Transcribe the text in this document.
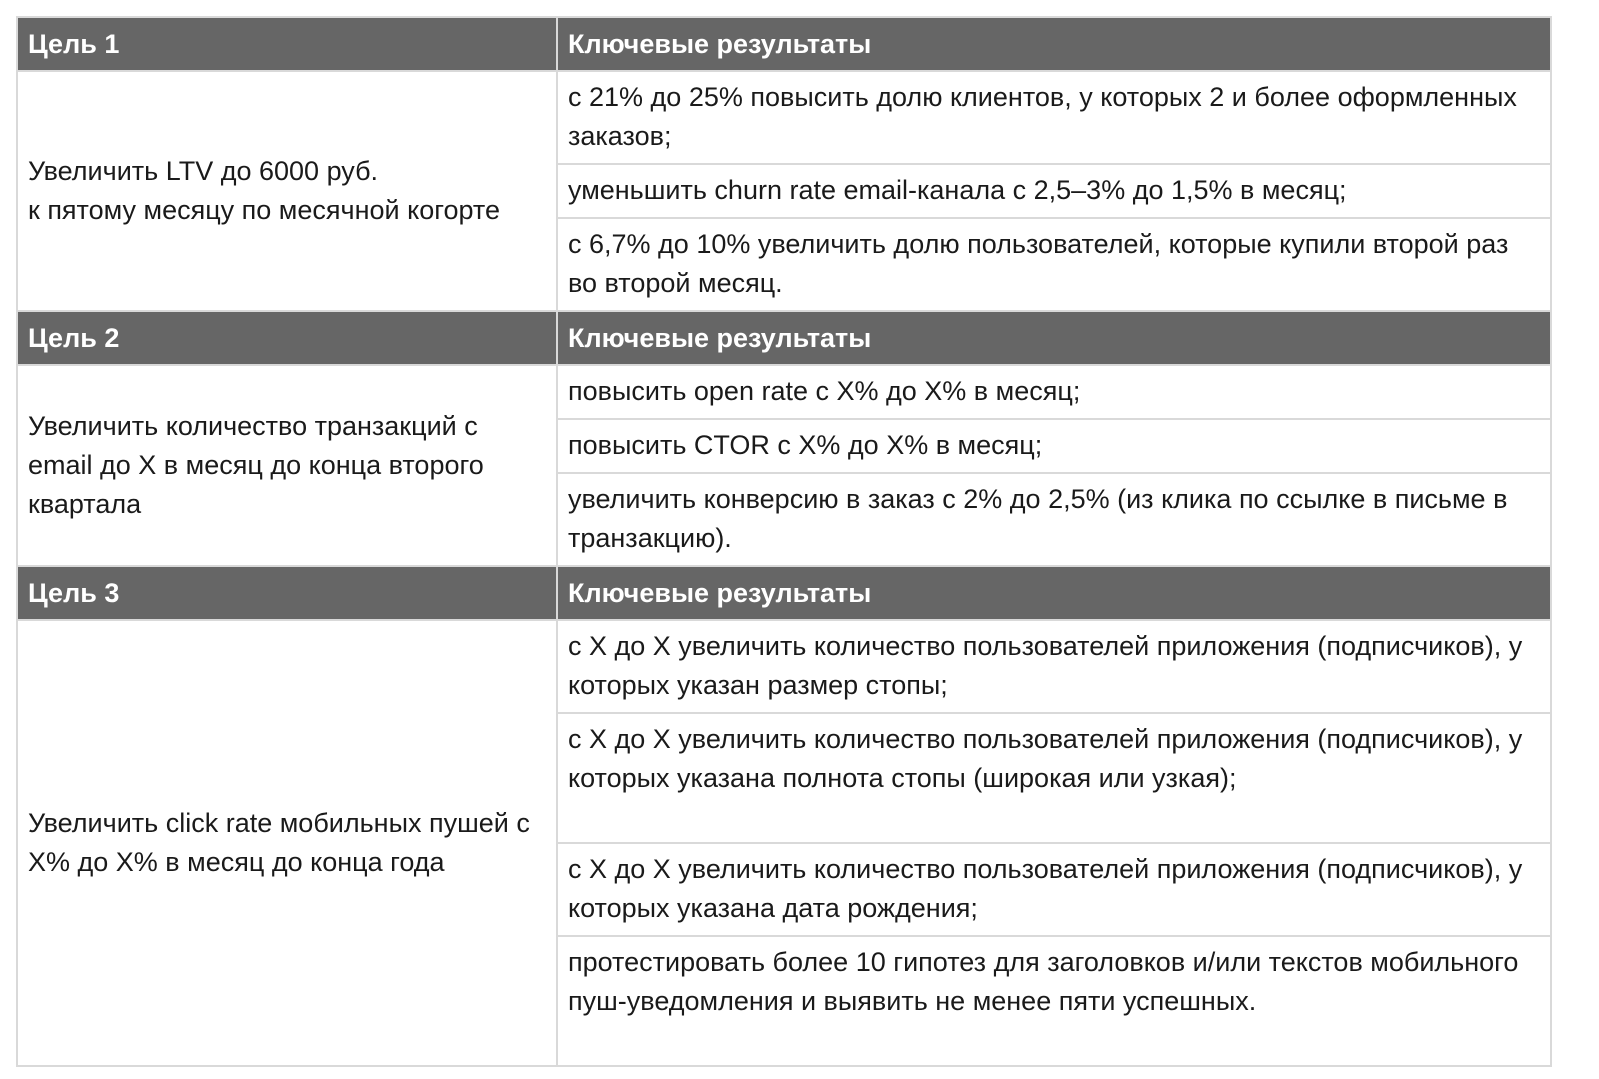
Цель 1	Ключевые результаты

Увеличить LTV до 6000 руб.
к пятому месяцу по месячной когорте	с 21% до 25% повысить долю клиентов, у которых 2 и более оформленных заказов;
	уменьшить churn rate email-канала с 2,5–3% до 1,5% в месяц;
	с 6,7% до 10% увеличить долю пользователей, которые купили второй раз во второй месяц.
Цель 2	Ключевые результаты
Увеличить количество транзакций с email до X в месяц до конца второго квартала	повысить open rate с X% до X% в месяц;
	повысить CTOR с X% до X% в месяц;
	увеличить конверсию в заказ с 2% до 2,5% (из клика по ссылке в письме в транзакцию).
Цель 3	Ключевые результаты
Увеличить click rate мобильных пушей с X% до X% в месяц до конца года	с X до X увеличить количество пользователей приложения (подписчиков), у которых указан размер стопы;
	с X до X увеличить количество пользователей приложения (подписчиков), у которых указана полнота стопы (широкая или узкая);
	с X до X увеличить количество пользователей приложения (подписчиков), у которых указана дата рождения;
	протестировать более 10 гипотез для заголовков и/или текстов мобильного пуш-уведомления и выявить не менее пяти успешных.
